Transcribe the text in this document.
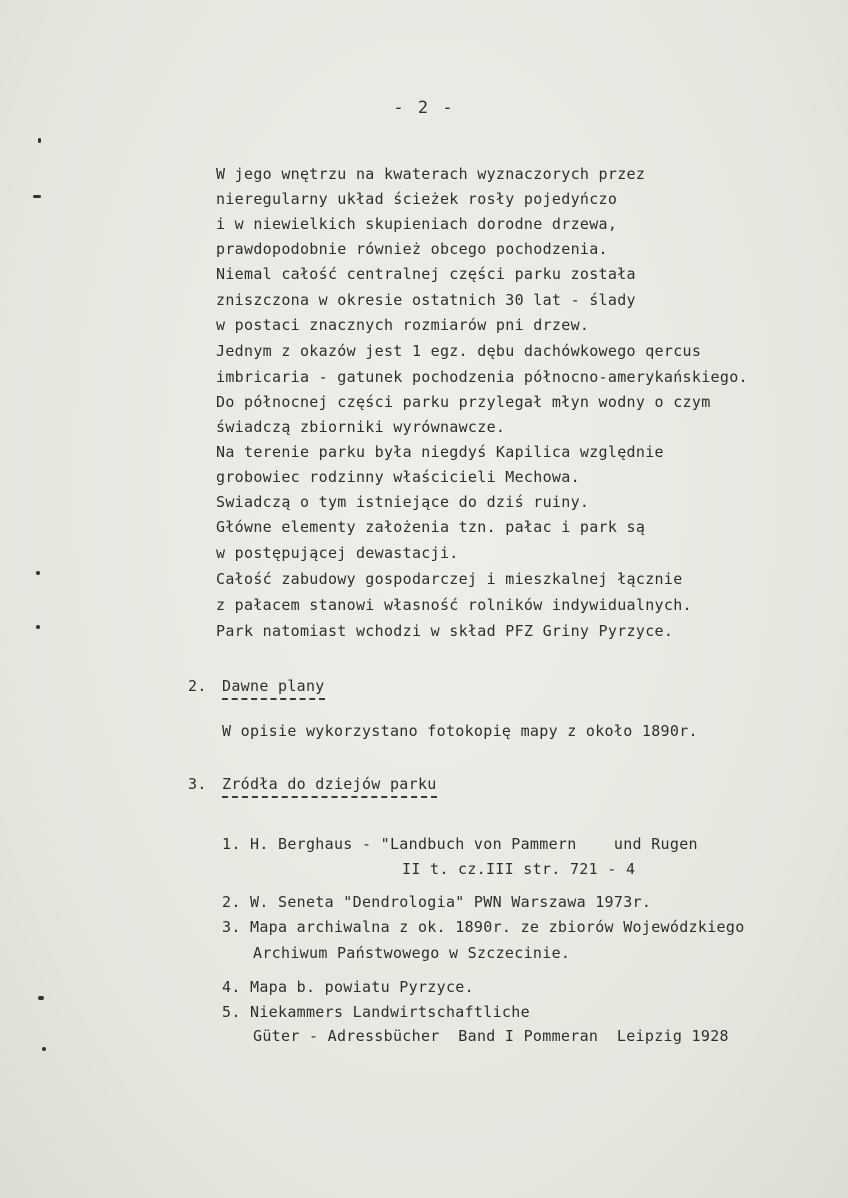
- 2 -
W jego wnętrzu na kwaterach wyznaczorych przez
nieregularny układ ścieżek rosły pojedyńczo
i w niewielkich skupieniach dorodne drzewa,
prawdopodobnie również obcego pochodzenia.
Niemal całość centralnej części parku została
zniszczona w okresie ostatnich 30 lat - ślady
w postaci znacznych rozmiarów pni drzew.
Jednym z okazów jest 1 egz. dębu dachówkowego qercus
imbricaria - gatunek pochodzenia północno-amerykańskiego.
Do północnej części parku przylegał młyn wodny o czym
świadczą zbiorniki wyrównawcze.
Na terenie parku była niegdyś Kapilica względnie
grobowiec rodzinny właścicieli Mechowa.
Swiadczą o tym istniejące do dziś ruiny.
Główne elementy założenia tzn. pałac i park są
w postępującej dewastacji.
Całość zabudowy gospodarczej i mieszkalnej łącznie
z pałacem stanowi własność rolników indywidualnych.
Park natomiast wchodzi w skład PFZ Griny Pyrzyce.
2. Dawne plany
W opisie wykorzystano fotokopię mapy z około 1890r.
3. Zródła do dziejów parku
1. H. Berghaus - "Landbuch von Pammern    und Rugen
II t. cz.III str. 721 - 4
2. W. Seneta "Dendrologia" PWN Warszawa 1973r.
3. Mapa archiwalna z ok. 1890r. ze zbiorów Wojewódzkiego
Archiwum Państwowego w Szczecinie.
4. Mapa b. powiatu Pyrzyce.
5. Niekammers Landwirtschaftliche
Güter - Adressbücher  Band I Pommeran  Leipzig 1928
